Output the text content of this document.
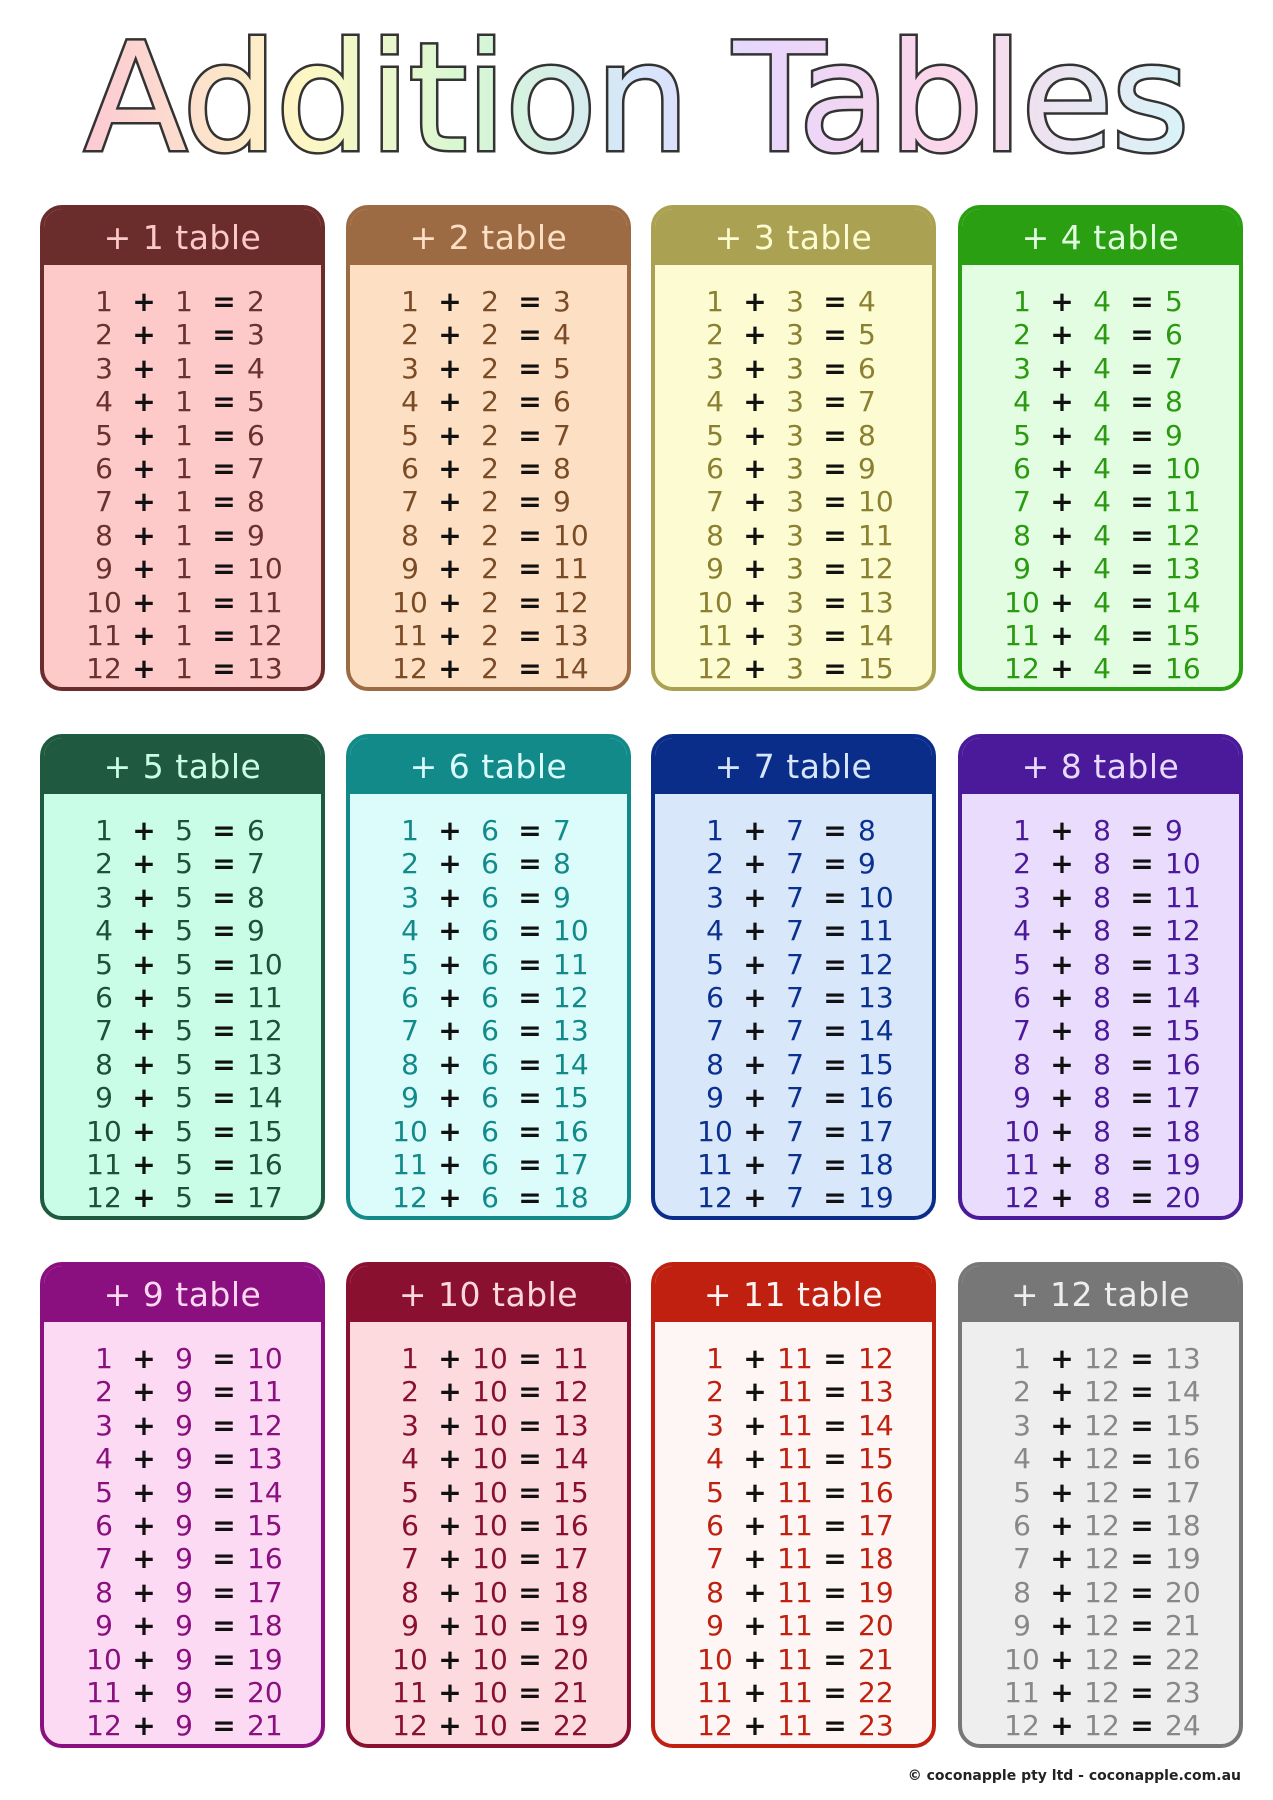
Addition Tables
+ 1 table
1 + 1 = 2
2 + 1 = 3
3 + 1 = 4
4 + 1 = 5
5 + 1 = 6
6 + 1 = 7
7 + 1 = 8
8 + 1 = 9
9 + 1 = 10
10 + 1 = 11
11 + 1 = 12
12 + 1 = 13
+ 2 table
1 + 2 = 3
2 + 2 = 4
3 + 2 = 5
4 + 2 = 6
5 + 2 = 7
6 + 2 = 8
7 + 2 = 9
8 + 2 = 10
9 + 2 = 11
10 + 2 = 12
11 + 2 = 13
12 + 2 = 14
+ 3 table
1 + 3 = 4
2 + 3 = 5
3 + 3 = 6
4 + 3 = 7
5 + 3 = 8
6 + 3 = 9
7 + 3 = 10
8 + 3 = 11
9 + 3 = 12
10 + 3 = 13
11 + 3 = 14
12 + 3 = 15
+ 4 table
1 + 4 = 5
2 + 4 = 6
3 + 4 = 7
4 + 4 = 8
5 + 4 = 9
6 + 4 = 10
7 + 4 = 11
8 + 4 = 12
9 + 4 = 13
10 + 4 = 14
11 + 4 = 15
12 + 4 = 16
+ 5 table
1 + 5 = 6
2 + 5 = 7
3 + 5 = 8
4 + 5 = 9
5 + 5 = 10
6 + 5 = 11
7 + 5 = 12
8 + 5 = 13
9 + 5 = 14
10 + 5 = 15
11 + 5 = 16
12 + 5 = 17
+ 6 table
1 + 6 = 7
2 + 6 = 8
3 + 6 = 9
4 + 6 = 10
5 + 6 = 11
6 + 6 = 12
7 + 6 = 13
8 + 6 = 14
9 + 6 = 15
10 + 6 = 16
11 + 6 = 17
12 + 6 = 18
+ 7 table
1 + 7 = 8
2 + 7 = 9
3 + 7 = 10
4 + 7 = 11
5 + 7 = 12
6 + 7 = 13
7 + 7 = 14
8 + 7 = 15
9 + 7 = 16
10 + 7 = 17
11 + 7 = 18
12 + 7 = 19
+ 8 table
1 + 8 = 9
2 + 8 = 10
3 + 8 = 11
4 + 8 = 12
5 + 8 = 13
6 + 8 = 14
7 + 8 = 15
8 + 8 = 16
9 + 8 = 17
10 + 8 = 18
11 + 8 = 19
12 + 8 = 20
+ 9 table
1 + 9 = 10
2 + 9 = 11
3 + 9 = 12
4 + 9 = 13
5 + 9 = 14
6 + 9 = 15
7 + 9 = 16
8 + 9 = 17
9 + 9 = 18
10 + 9 = 19
11 + 9 = 20
12 + 9 = 21
+ 10 table
1 + 10 = 11
2 + 10 = 12
3 + 10 = 13
4 + 10 = 14
5 + 10 = 15
6 + 10 = 16
7 + 10 = 17
8 + 10 = 18
9 + 10 = 19
10 + 10 = 20
11 + 10 = 21
12 + 10 = 22
+ 11 table
1 + 11 = 12
2 + 11 = 13
3 + 11 = 14
4 + 11 = 15
5 + 11 = 16
6 + 11 = 17
7 + 11 = 18
8 + 11 = 19
9 + 11 = 20
10 + 11 = 21
11 + 11 = 22
12 + 11 = 23
+ 12 table
1 + 12 = 13
2 + 12 = 14
3 + 12 = 15
4 + 12 = 16
5 + 12 = 17
6 + 12 = 18
7 + 12 = 19
8 + 12 = 20
9 + 12 = 21
10 + 12 = 22
11 + 12 = 23
12 + 12 = 24
© coconapple pty ltd - coconapple.com.au
